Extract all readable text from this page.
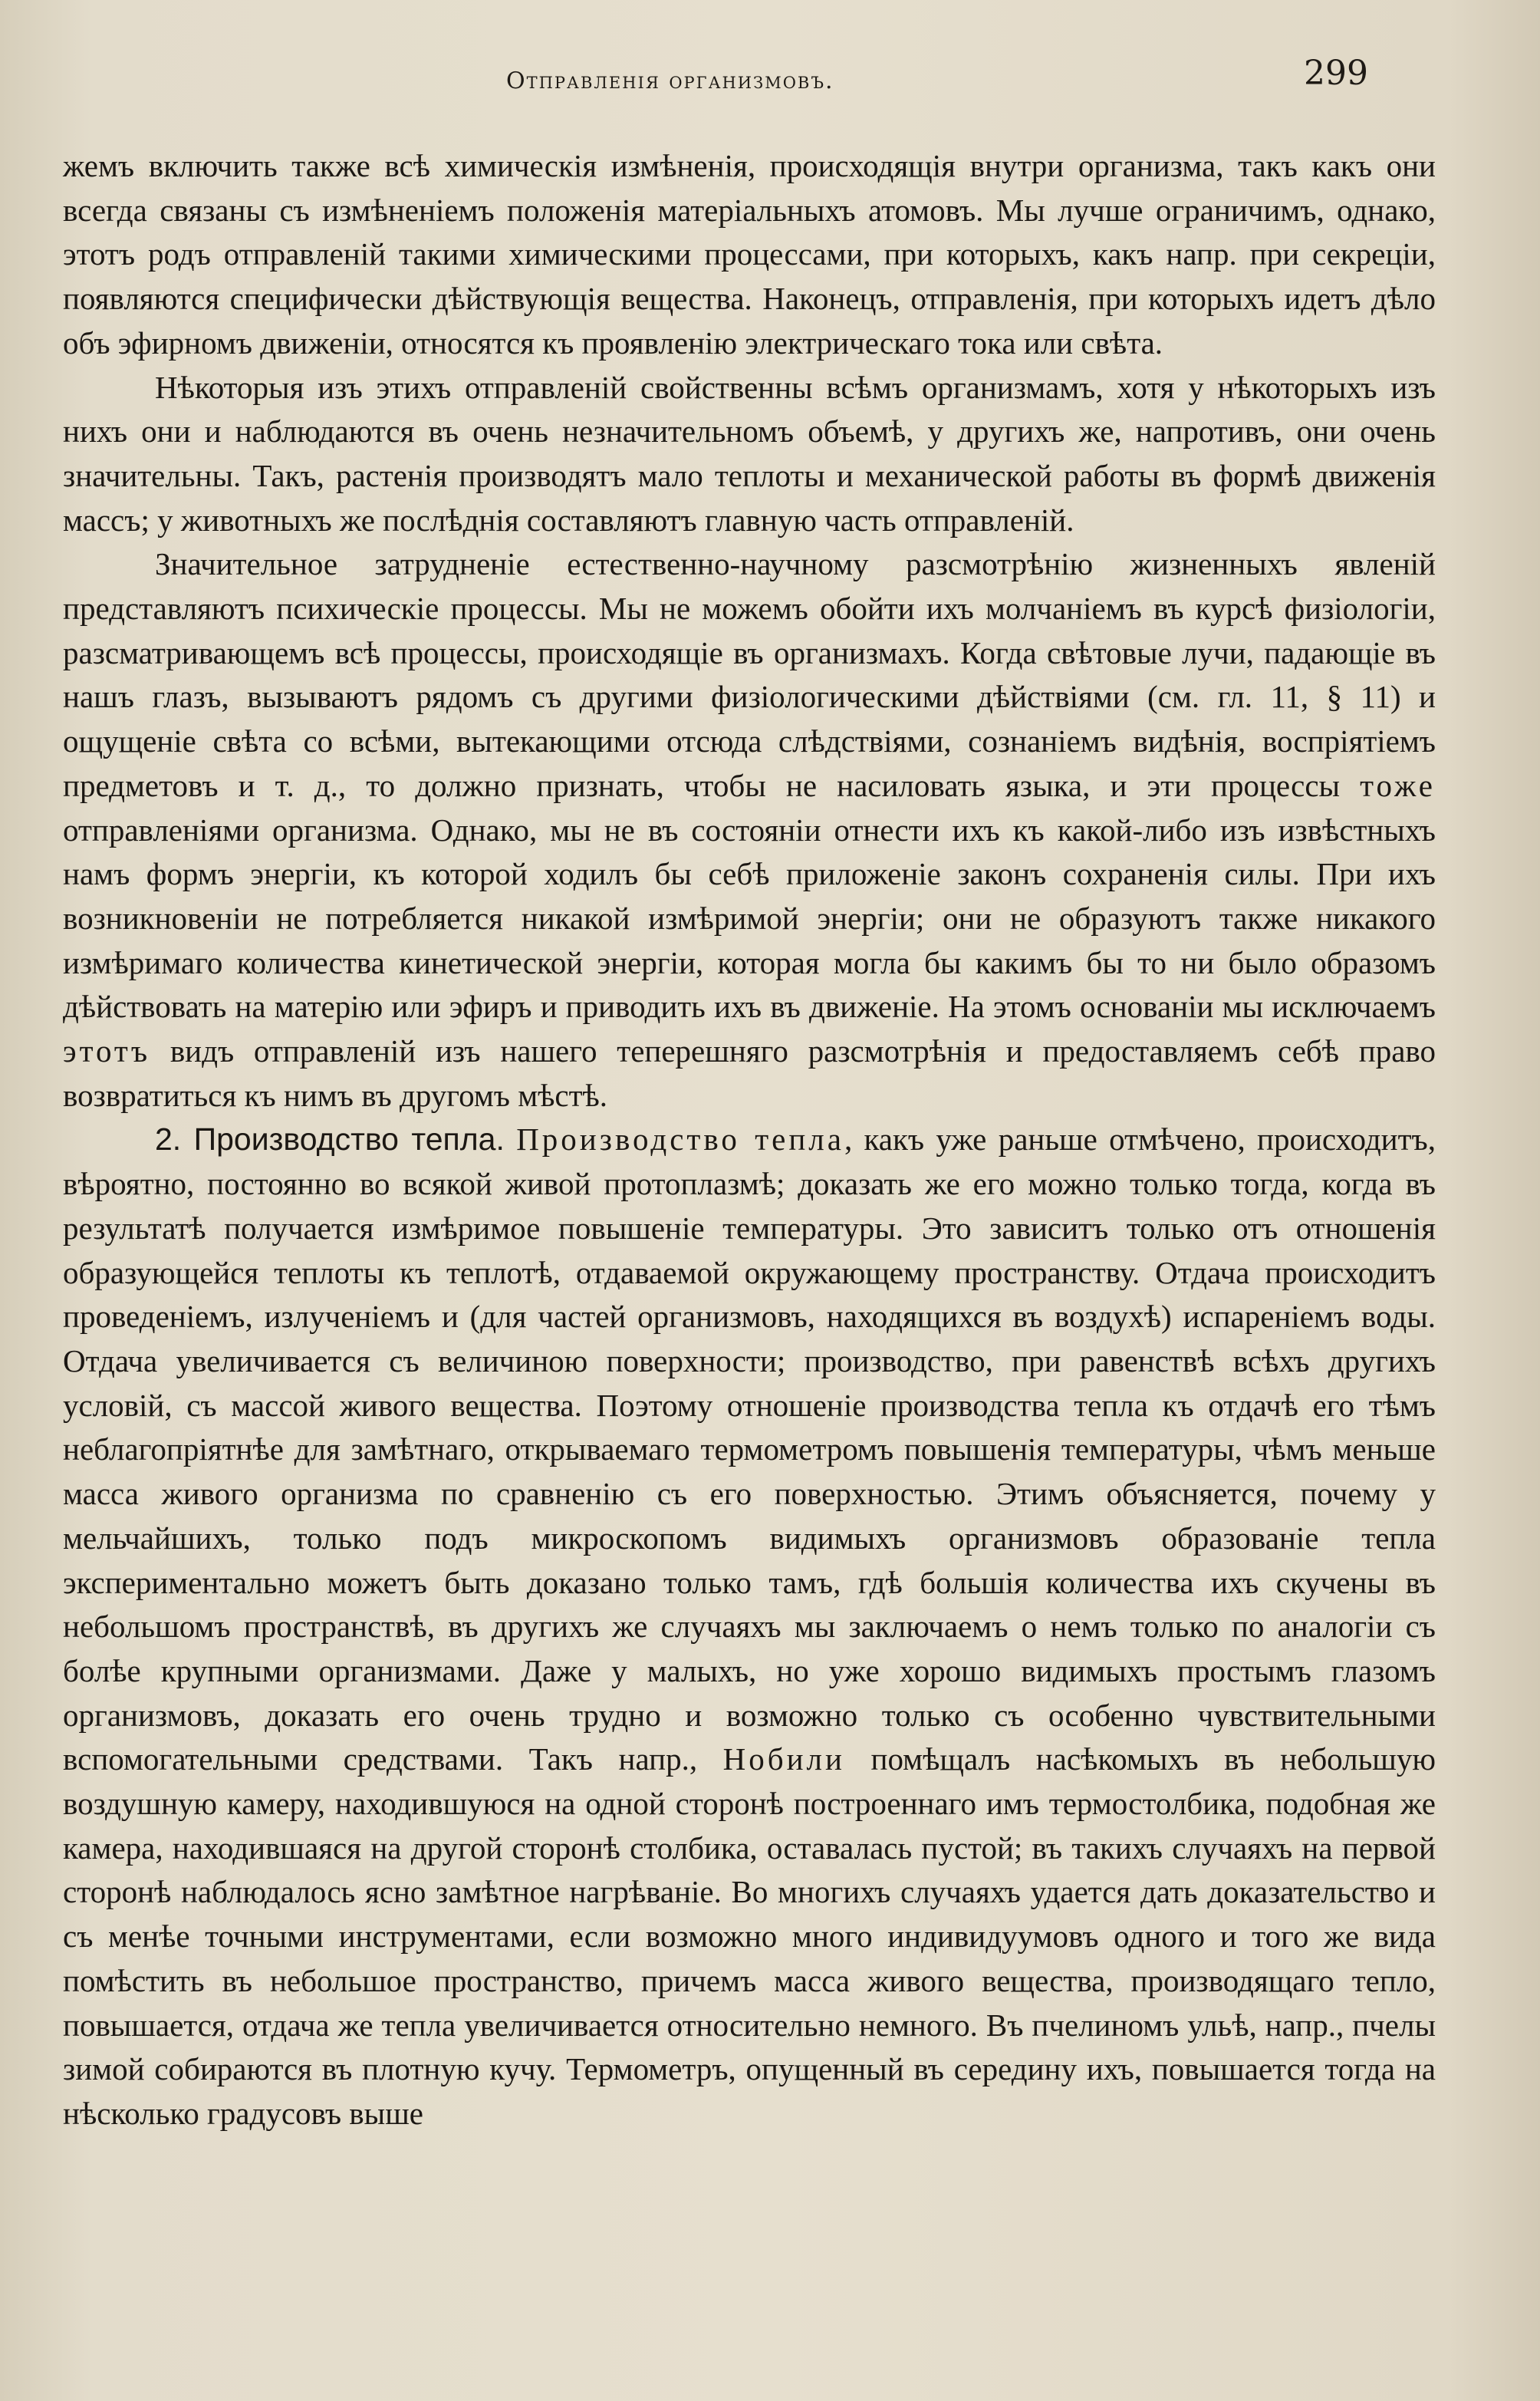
Отправленія организмовъ.	299

жемъ включить также всѣ химическія измѣненія, происходящія внутри организма, такъ какъ они всегда связаны съ измѣненіемъ положенія матеріальныхъ атомовъ. Мы лучше ограничимъ, однако, этотъ родъ отправленій такими химическими процессами, при которыхъ, какъ напр. при секреціи, появляются специфически дѣйствующія вещества. Наконецъ, отправленія, при которыхъ идетъ дѣло объ эфирномъ движеніи, относятся къ проявленію электрическаго тока или свѣта.

Нѣкоторыя изъ этихъ отправленій свойственны всѣмъ организмамъ, хотя у нѣкоторыхъ изъ нихъ они и наблюдаются въ очень незначительномъ объемѣ, у другихъ же, напротивъ, они очень значительны. Такъ, растенія производятъ мало теплоты и механической работы въ формѣ движенія массъ; у животныхъ же послѣднія составляютъ главную часть отправленій.

Значительное затрудненіе естественно-научному разсмотрѣнію жизненныхъ явленій представляютъ психическіе процессы. Мы не можемъ обойти ихъ молчаніемъ въ курсѣ физіологіи, разсматривающемъ всѣ процессы, происходящіе въ организмахъ. Когда свѣтовые лучи, падающіе въ нашъ глазъ, вызываютъ рядомъ съ другими физіологическими дѣйствіями (см. гл. 11, § 11) и ощущеніе свѣта со всѣми, вытекающими отсюда слѣдствіями, сознаніемъ видѣнія, воспріятіемъ предметовъ и т. д., то должно признать, чтобы не насиловать языка, и эти процессы тоже отправленіями организма. Однако, мы не въ состояніи отнести ихъ къ какой-либо изъ извѣстныхъ намъ формъ энергіи, къ которой ходилъ бы себѣ приложеніе законъ сохраненія силы. При ихъ возникновеніи не потребляется никакой измѣримой энергіи; они не образуютъ также никакого измѣримаго количества кинетической энергіи, которая могла бы какимъ бы то ни было образомъ дѣйствовать на матерію или эфиръ и приводить ихъ въ движеніе. На этомъ основаніи мы исключаемъ этотъ видъ отправленій изъ нашего теперешняго разсмотрѣнія и предоставляемъ себѣ право возвратиться къ нимъ въ другомъ мѣстѣ.

2. Производство тепла. Производство тепла, какъ уже раньше отмѣчено, происходитъ, вѣроятно, постоянно во всякой живой протоплазмѣ; доказать же его можно только тогда, когда въ результатѣ получается измѣримое повышеніе температуры. Это зависитъ только отъ отношенія образующейся теплоты къ теплотѣ, отдаваемой окружающему пространству. Отдача происходитъ проведеніемъ, излученіемъ и (для частей организмовъ, находящихся въ воздухѣ) испареніемъ воды. Отдача увеличивается съ величиною поверхности; производство, при равенствѣ всѣхъ другихъ условій, съ массой живого вещества. Поэтому отношеніе производства тепла къ отдачѣ его тѣмъ неблагопріятнѣе для замѣтнаго, открываемаго термометромъ повышенія температуры, чѣмъ меньше масса живого организма по сравненію съ его поверхностью. Этимъ объясняется, почему у мельчайшихъ, только подъ микроскопомъ видимыхъ организмовъ образованіе тепла экспериментально можетъ быть доказано только тамъ, гдѣ большія количества ихъ скучены въ небольшомъ пространствѣ, въ другихъ же случаяхъ мы заключаемъ о немъ только по аналогіи съ болѣе крупными организмами. Даже у малыхъ, но уже хорошо видимыхъ простымъ глазомъ организмовъ, доказать его очень трудно и возможно только съ особенно чувствительными вспомогательными средствами. Такъ напр., Нобили помѣщалъ насѣкомыхъ въ небольшую воздушную камеру, находившуюся на одной сторонѣ построеннаго имъ термостолбика, подобная же камера, находившаяся на другой сторонѣ столбика, оставалась пустой; въ такихъ случаяхъ на первой сторонѣ наблюдалось ясно замѣтное нагрѣваніе. Во многихъ случаяхъ удается дать доказательство и съ менѣе точными инструментами, если возможно много индивидуумовъ одного и того же вида помѣстить въ небольшое пространство, причемъ масса живого вещества, производящаго тепло, повышается, отдача же тепла увеличивается относительно немного. Въ пчелиномъ ульѣ, напр., пчелы зимой собираются въ плотную кучу. Термометръ, опущенный въ середину ихъ, повышается тогда на нѣсколько градусовъ выше
